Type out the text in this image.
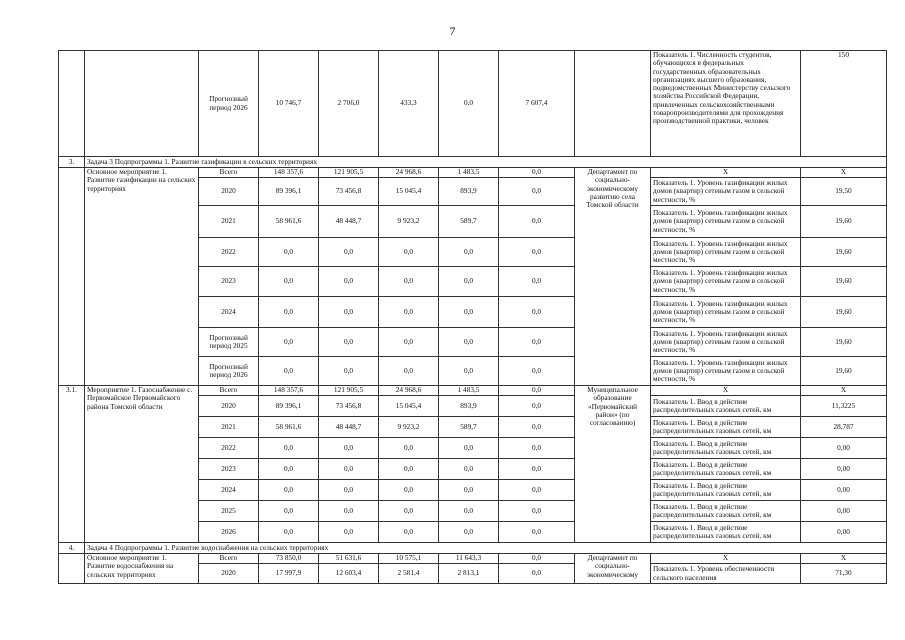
7
		Прогнозный период 2026	10 746,7	2 706,0	433,3	0,0	7 607,4		Показатель 1. Численность студентов, обучающихся в федеральных государственных образовательных организациях высшего образования, подведомственных Министерству сельского хозяйства Российской Федерации, привлеченных сельскохозяйственными товаропроизводителями для прохождения производственной практики, человек	150
3.	Задача 3 Подпрограммы 1. Развитие газификации в сельских территориях									
	Основное мероприятие 1. Развитие газификации на сельских территориях	Всего	148 357,6	121 905,5	24 968,6	1 483,5	0,0	Департамент по социально-экономическому развитию села Томской области	Х	Х
		2020	89 396,1	73 456,8	15 045,4	893,9	0,0		Показатель 1. Уровень газификации жилых домов (квартир) сетевым газом в сельской местности, %	19,50
		2021	58 961,6	48 448,7	9 923,2	589,7	0,0		Показатель 1. Уровень газификации жилых домов (квартир) сетевым газом в сельской местности, %	19,60
		2022	0,0	0,0	0,0	0,0	0,0		Показатель 1. Уровень газификации жилых домов (квартир) сетевым газом в сельской местности, %	19,60
		2023	0,0	0,0	0,0	0,0	0,0		Показатель 1. Уровень газификации жилых домов (квартир) сетевым газом в сельской местности, %	19,60
		2024	0,0	0,0	0,0	0,0	0,0		Показатель 1. Уровень газификации жилых домов (квартир) сетевым газом в сельской местности, %	19,60
		Прогнозный период 2025	0,0	0,0	0,0	0,0	0,0		Показатель 1. Уровень газификации жилых домов (квартир) сетевым газом в сельской местности, %	19,60
		Прогнозный период 2026	0,0	0,0	0,0	0,0	0,0		Показатель 1. Уровень газификации жилых домов (квартир) сетевым газом в сельской местности, %	19,60
3.1.	Мероприятие 1. Газоснабжение с. Первомайское Первомайского района Томской области	Всего	148 357,6	121 905,5	24 968,6	1 483,5	0,0	Муниципальное образование «Первомайский район» (по согласованию)	Х	Х
		2020	89 396,1	73 456,8	15 045,4	893,9	0,0		Показатель 1. Ввод в действие распределительных газовых сетей, км	11,3225
		2021	58 961,6	48 448,7	9 923,2	589,7	0,0		Показатель 1. Ввод в действие распределительных газовых сетей, км	28,787
		2022	0,0	0,0	0,0	0,0	0,0		Показатель 1. Ввод в действие распределительных газовых сетей, км	0,00
		2023	0,0	0,0	0,0	0,0	0,0		Показатель 1. Ввод в действие распределительных газовых сетей, км	0,00
		2024	0,0	0,0	0,0	0,0	0,0		Показатель 1. Ввод в действие распределительных газовых сетей, км	0,00
		2025	0,0	0,0	0,0	0,0	0,0		Показатель 1. Ввод в действие распределительных газовых сетей, км	0,00
		2026	0,0	0,0	0,0	0,0	0,0		Показатель 1. Ввод в действие распределительных газовых сетей, км	0,00
4.	Задача 4 Подпрограммы 1. Развитие водоснабжения на сельских территориях									
	Основное мероприятие 1. Развитие водоснабжения на сельских территориях	Всего	73 850,0	51 631,6	10 575,1	11 643,3	0,0	Департамент по социально-экономическому	Х	Х
		2020	17 997,9	12 603,4	2 581,4	2 813,1	0,0		Показатель 1. Уровень обеспеченности сельского населения	71,30
